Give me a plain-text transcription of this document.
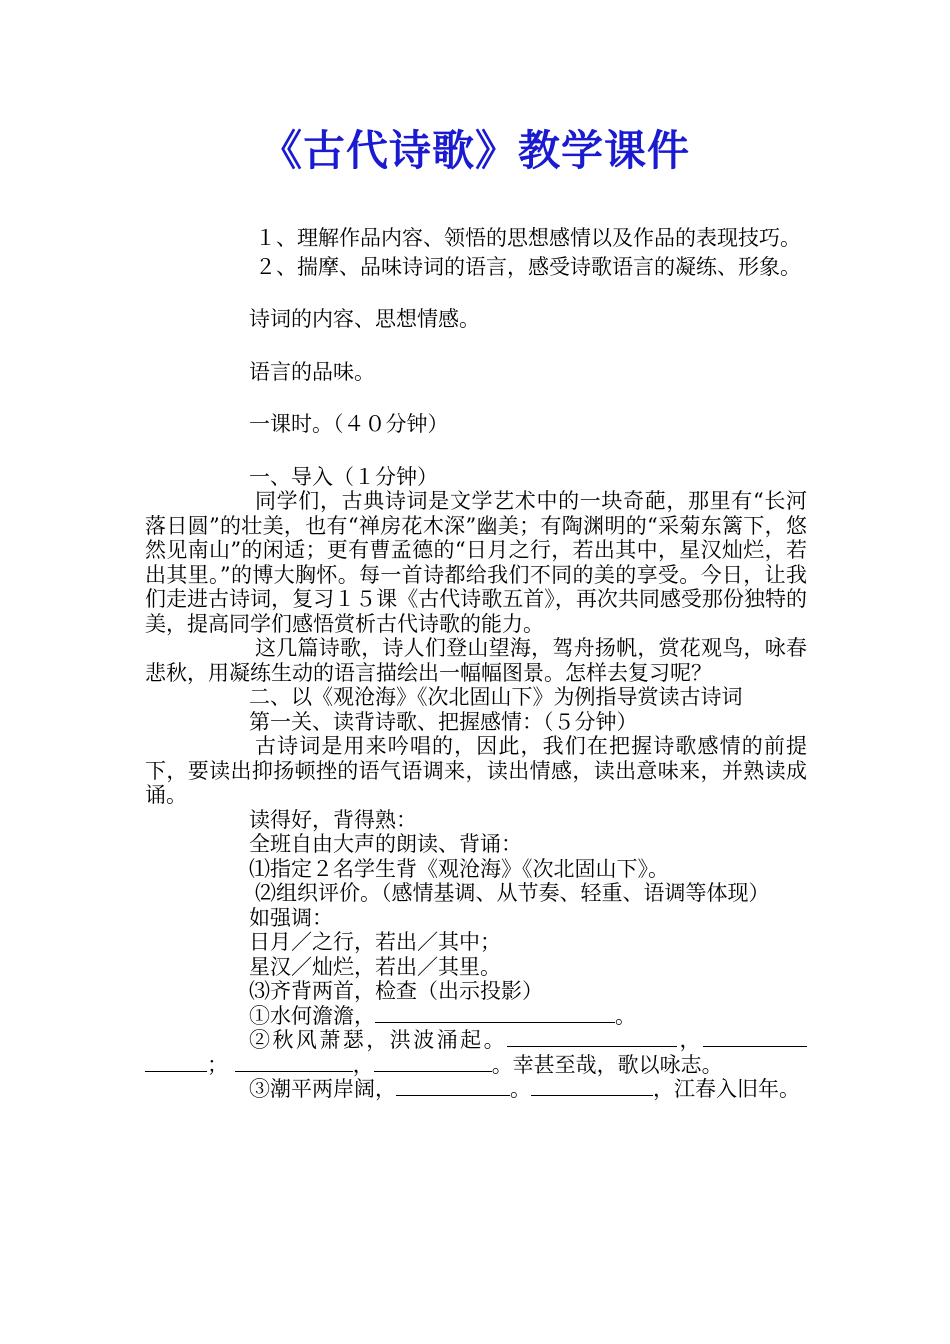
《古代诗歌》教学课件

１、理解作品内容、领悟的思想感情以及作品的表现技巧。

２、揣摩、品味诗词的语言，感受诗歌语言的凝练、形象。

诗词的内容、思想情感。

语言的品味。

一课时。（４０分钟）

一、导入（１分钟）

同学们，古典诗词是文学艺术中的一块奇葩，那里有“长河落日圆”的壮美，也有“禅房花木深”幽美；有陶渊明的“采菊东篱下，悠然见南山”的闲适；更有曹孟德的“日月之行，若出其中，星汉灿烂，若出其里。”的博大胸怀。每一首诗都给我们不同的美的享受。今日，让我们走进古诗词，复习１５课《古代诗歌五首》，再次共同感受那份独特的美，提高同学们感悟赏析古代诗歌的能力。

这几篇诗歌，诗人们登山望海，驾舟扬帆，赏花观鸟，咏春悲秋，用凝练生动的语言描绘出一幅幅图景。怎样去复习呢？

二、以《观沧海》《次北固山下》为例指导赏读古诗词

第一关、读背诗歌、把握感情：（５分钟）

古诗词是用来吟唱的，因此，我们在把握诗歌感情的前提下，要读出抑扬顿挫的语气语调来，读出情感，读出意味来，并熟读成诵。

读得好，背得熟：

全班自由大声的朗读、背诵：

⑴指定２名学生背《观沧海》《次北固山下》。

⑵组织评价。（感情基调、从节奏、轻重、语调等体现）

如强调：

日月／之行，若出／其中；

星汉／灿烂，若出／其里。

⑶齐背两首，检查（出示投影）

①水何澹澹，	。

②秋风萧瑟，洪波涌起。	，；	，	。幸甚至哉，歌以咏志。

③潮平两岸阔，	。	，江春入旧年。
